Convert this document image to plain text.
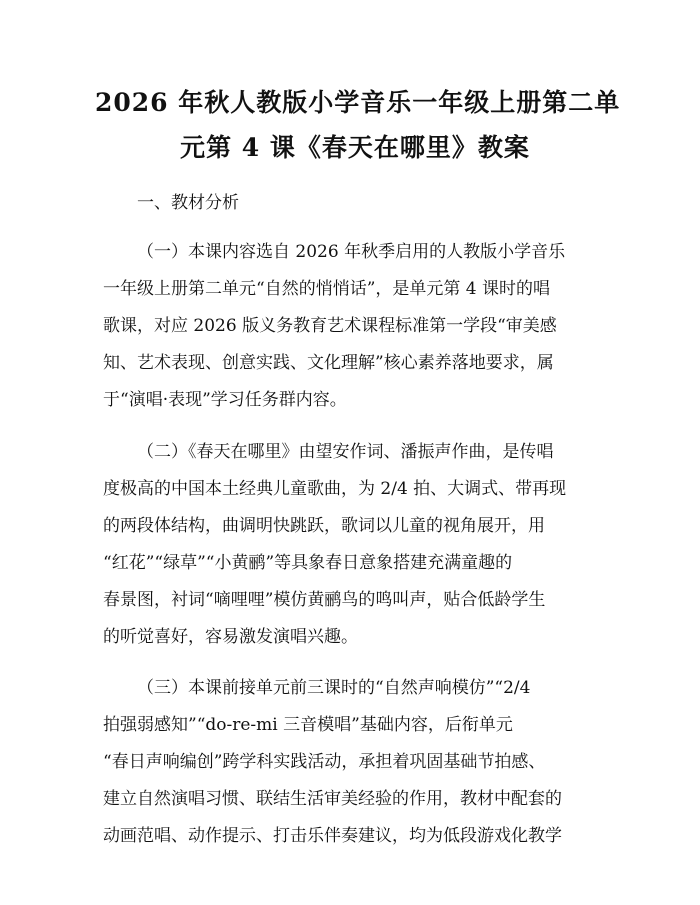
2026 年秋人教版小学音乐一年级上册第二单
元第 4 课《春天在哪里》教案
一、教材分析
（一）本课内容选自 2026 年秋季启用的人教版小学音乐
一年级上册第二单元“自然的悄悄话”，是单元第 4 课时的唱
歌课，对应 2026 版义务教育艺术课程标准第一学段“审美感
知、艺术表现、创意实践、文化理解”核心素养落地要求，属
于“演唱·表现”学习任务群内容。
（二）《春天在哪里》由望安作词、潘振声作曲，是传唱
度极高的中国本土经典儿童歌曲，为 2/4 拍、大调式、带再现
的两段体结构，曲调明快跳跃，歌词以儿童的视角展开，用
“红花”“绿草”“小黄鹂”等具象春日意象搭建充满童趣的
春景图，衬词“嘀哩哩”模仿黄鹂鸟的鸣叫声，贴合低龄学生
的听觉喜好，容易激发演唱兴趣。
（三）本课前接单元前三课时的“自然声响模仿”“2/4
拍强弱感知”“do-re-mi 三音模唱”基础内容，后衔单元
“春日声响编创”跨学科实践活动，承担着巩固基础节拍感、
建立自然演唱习惯、联结生活审美经验的作用，教材中配套的
动画范唱、动作提示、打击乐伴奏建议，均为低段游戏化教学
